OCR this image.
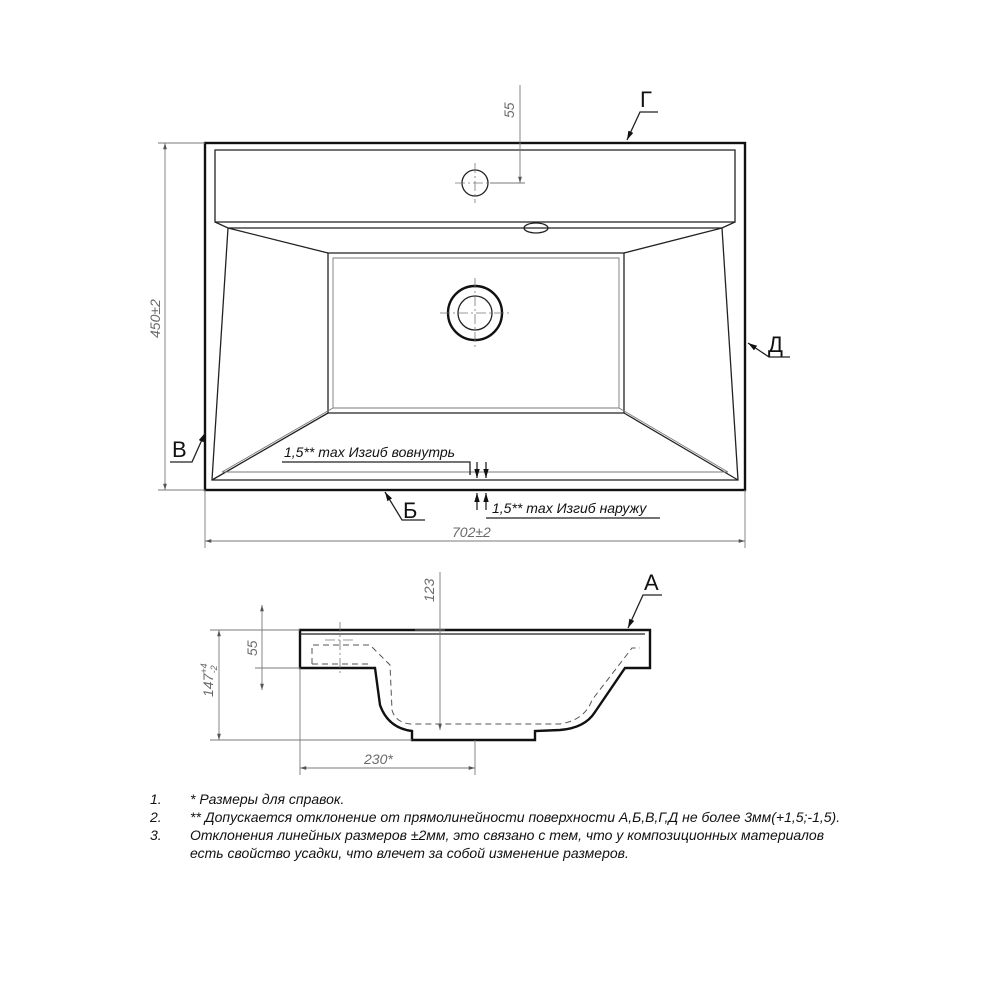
55
450±2
702±2
Г
Д
В
Б
1,5** max Изгиб вовнутрь
1,5** max Изгиб наружу
123
$147^{+4}-2$
55
230*
А
1.	* Размеры для справок.
2.	** Допускается отклонение от прямолинейности поверхности А,Б,В,Г,Д не более 3мм(+1,5;-1,5).
3.	Отклонения линейных размеров ±2мм, это связано с тем, что у композиционных материалов есть свойство усадки, что влечет за собой изменение размеров.
